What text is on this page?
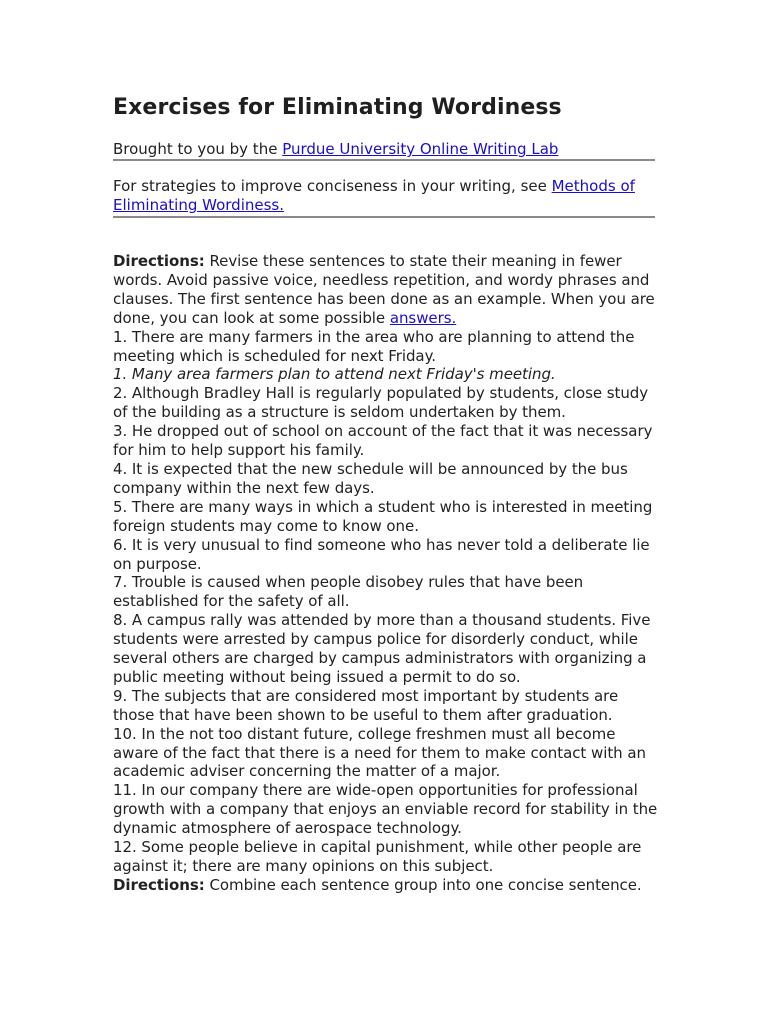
Exercises for Eliminating Wordiness
Brought to you by the Purdue University Online Writing Lab
For strategies to improve conciseness in your writing, see Methods of Eliminating Wordiness.

Directions: Revise these sentences to state their meaning in fewer words. Avoid passive voice, needless repetition, and wordy phrases and clauses. The first sentence has been done as an example. When you are done, you can look at some possible answers.

1. There are many farmers in the area who are planning to attend the meeting which is scheduled for next Friday.

1. Many area farmers plan to attend next Friday's meeting.

2. Although Bradley Hall is regularly populated by students, close study of the building as a structure is seldom undertaken by them.

3. He dropped out of school on account of the fact that it was necessary for him to help support his family.

4. It is expected that the new schedule will be announced by the bus company within the next few days.

5. There are many ways in which a student who is interested in meeting foreign students may come to know one.

6. It is very unusual to find someone who has never told a deliberate lie on purpose.

7. Trouble is caused when people disobey rules that have been established for the safety of all.

8. A campus rally was attended by more than a thousand students. Five students were arrested by campus police for disorderly conduct, while several others are charged by campus administrators with organizing a public meeting without being issued a permit to do so.

9. The subjects that are considered most important by students are those that have been shown to be useful to them after graduation.

10. In the not too distant future, college freshmen must all become aware of the fact that there is a need for them to make contact with an academic adviser concerning the matter of a major.

11. In our company there are wide-open opportunities for professional growth with a company that enjoys an enviable record for stability in the dynamic atmosphere of aerospace technology.

12. Some people believe in capital punishment, while other people are against it; there are many opinions on this subject.

Directions: Combine each sentence group into one concise sentence.
